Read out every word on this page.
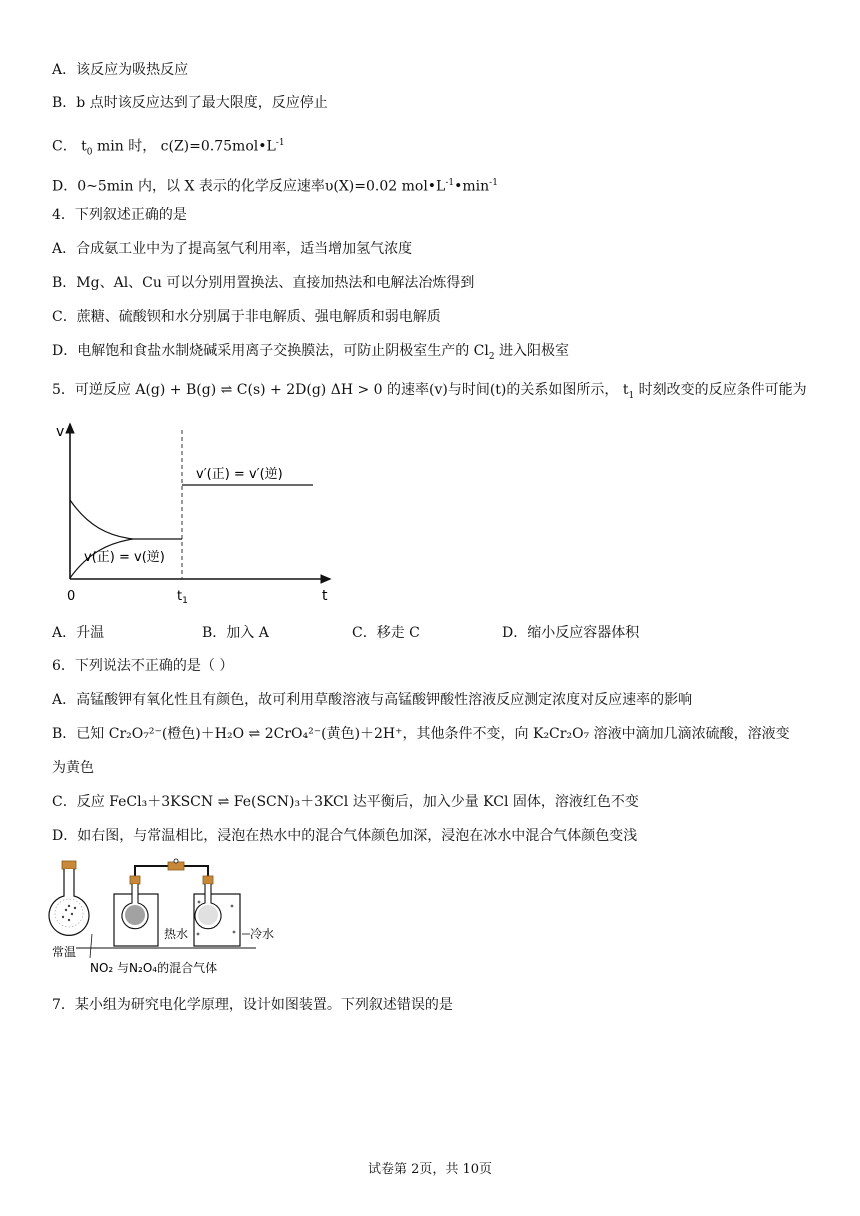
A．该反应为吸热反应
B．b 点时该反应达到了最大限度，反应停止
C． $t_0$ min 时， $c(Z)=0.75mol•L^{-1}$
D．0~5min 内，以 X 表示的化学反应速率υ(X)=0.02 $mol•L^{-1}•\min^{-1}$
4．下列叙述正确的是
A．合成氨工业中为了提高氢气利用率，适当增加氢气浓度
B．Mg、Al、Cu 可以分别用置换法、直接加热法和电解法冶炼得到
C．蔗糖、硫酸钡和水分别属于非电解质、强电解质和弱电解质
D．电解饱和食盐水制烧碱采用离子交换膜法，可防止阴极室生产的 $Cl_2$ 进入阳极室
5．可逆反应 A(g) + B(g) ⇌ C(s) + 2D(g) ΔH > 0 的速率(v)与时间(t)的关系如图所示， $t_1$ 时刻改变的反应条件可能为
v
t
0	$t_1$
v′(正) = v′(逆)
v(正) = v(逆)
A．升温	B．加入 A	C．移走 C	D．缩小反应容器体积
6．下列说法不正确的是（ ）
A．高锰酸钾有氧化性且有颜色，故可利用草酸溶液与高锰酸钾酸性溶液反应测定浓度对反应速率的影响
B．已知 Cr₂O₇²⁻(橙色)＋H₂O ⇌ 2CrO₄²⁻(黄色)＋2H⁺，其他条件不变，向 K₂Cr₂O₇ 溶液中滴加几滴浓硫酸，溶液变
为黄色
C．反应 FeCl₃＋3KSCN ⇌ Fe(SCN)₃＋3KCl 达平衡后，加入少量 KCl 固体，溶液红色不变
D．如右图，与常温相比，浸泡在热水中的混合气体颜色加深，浸泡在冰水中混合气体颜色变浅
常温
热水	冷水
NO₂ 与N₂O₄的混合气体
7．某小组为研究电化学原理，设计如图装置。下列叙述错误的是
试卷第 2页，共 10页
